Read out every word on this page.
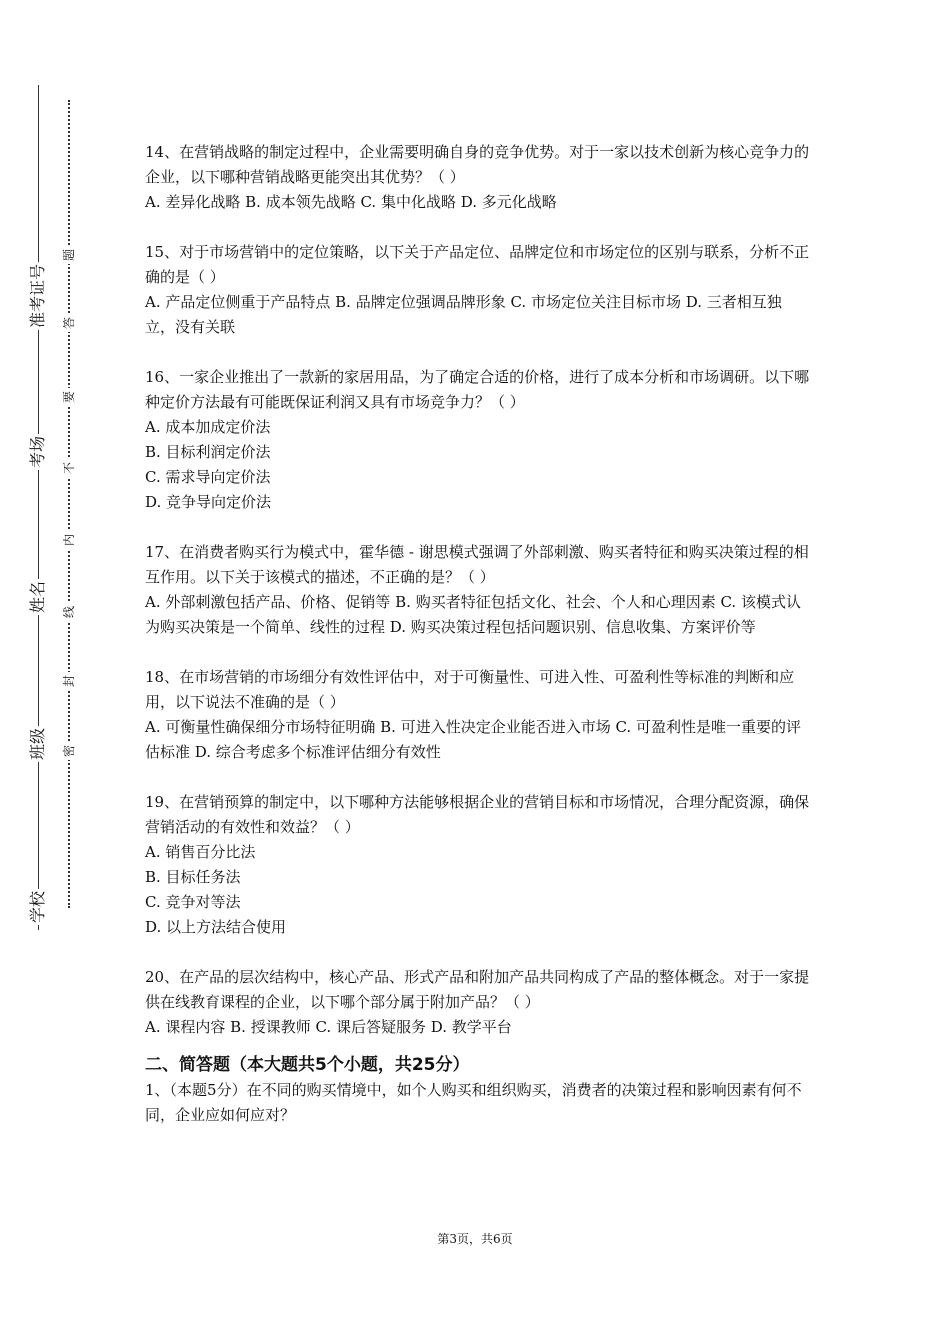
准考证号
考场
姓名
班级
学校
题
答
要
不
内
线
封
密

14、在营销战略的制定过程中，企业需要明确自身的竞争优势。对于一家以技术创新为核心竞争力的企业，以下哪种营销战略更能突出其优势？（ ）

A. 差异化战略 B. 成本领先战略 C. 集中化战略 D. 多元化战略

15、对于市场营销中的定位策略，以下关于产品定位、品牌定位和市场定位的区别与联系，分析不正确的是（ ）

A. 产品定位侧重于产品特点 B. 品牌定位强调品牌形象 C. 市场定位关注目标市场 D. 三者相互独立，没有关联

16、一家企业推出了一款新的家居用品，为了确定合适的价格，进行了成本分析和市场调研。以下哪种定价方法最有可能既保证利润又具有市场竞争力？（ ）

A. 成本加成定价法

B. 目标利润定价法

C. 需求导向定价法

D. 竞争导向定价法

17、在消费者购买行为模式中，霍华德 - 谢思模式强调了外部刺激、购买者特征和购买决策过程的相互作用。以下关于该模式的描述，不正确的是？（ ）

A. 外部刺激包括产品、价格、促销等 B. 购买者特征包括文化、社会、个人和心理因素 C. 该模式认为购买决策是一个简单、线性的过程 D. 购买决策过程包括问题识别、信息收集、方案评价等

18、在市场营销的市场细分有效性评估中，对于可衡量性、可进入性、可盈利性等标准的判断和应用，以下说法不准确的是（ ）

A. 可衡量性确保细分市场特征明确 B. 可进入性决定企业能否进入市场 C. 可盈利性是唯一重要的评估标准 D. 综合考虑多个标准评估细分有效性

19、在营销预算的制定中，以下哪种方法能够根据企业的营销目标和市场情况，合理分配资源，确保营销活动的有效性和效益？（ ）

A. 销售百分比法

B. 目标任务法

C. 竞争对等法

D. 以上方法结合使用

20、在产品的层次结构中，核心产品、形式产品和附加产品共同构成了产品的整体概念。对于一家提供在线教育课程的企业，以下哪个部分属于附加产品？（ ）

A. 课程内容 B. 授课教师 C. 课后答疑服务 D. 教学平台

二、简答题（本大题共5个小题，共25分）

1、（本题5分）在不同的购买情境中，如个人购买和组织购买，消费者的决策过程和影响因素有何不同，企业应如何应对？

第3页，共6页
